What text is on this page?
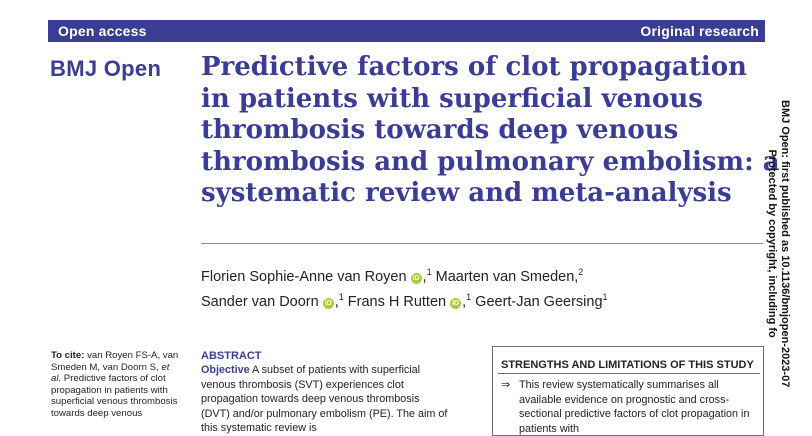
Open access	Original research
BMJ Open Predictive factors of clot propagation in patients with superficial venous thrombosis towards deep venous thrombosis and pulmonary embolism: a systematic review and meta-analysis
Florien Sophie-Anne van Royen iD ,$^1$ Maarten van Smeden,$^2$
Sander van Doorn iD ,$^1$ Frans H Rutten iD ,$^1$ Geert-Jan Geersing$^1$
To cite: van Royen FS-A, van Smeden M, van Doorn S, et al. Predictive factors of clot propagation in patients with superficial venous thrombosis towards deep venous
ABSTRACT
Objective A subset of patients with superficial venous thrombosis (SVT) experiences clot propagation towards deep venous thrombosis (DVT) and/or pulmonary embolism (PE). The aim of this systematic review is
STRENGTHS AND LIMITATIONS OF THIS STUDY
⇒ This review systematically summarises all available evidence on prognostic and cross-sectional predictive factors of clot propagation in patients with
BMJ Open: first published as 10.1136/bmjopen-2023-07
Protected by copyright, including fo
